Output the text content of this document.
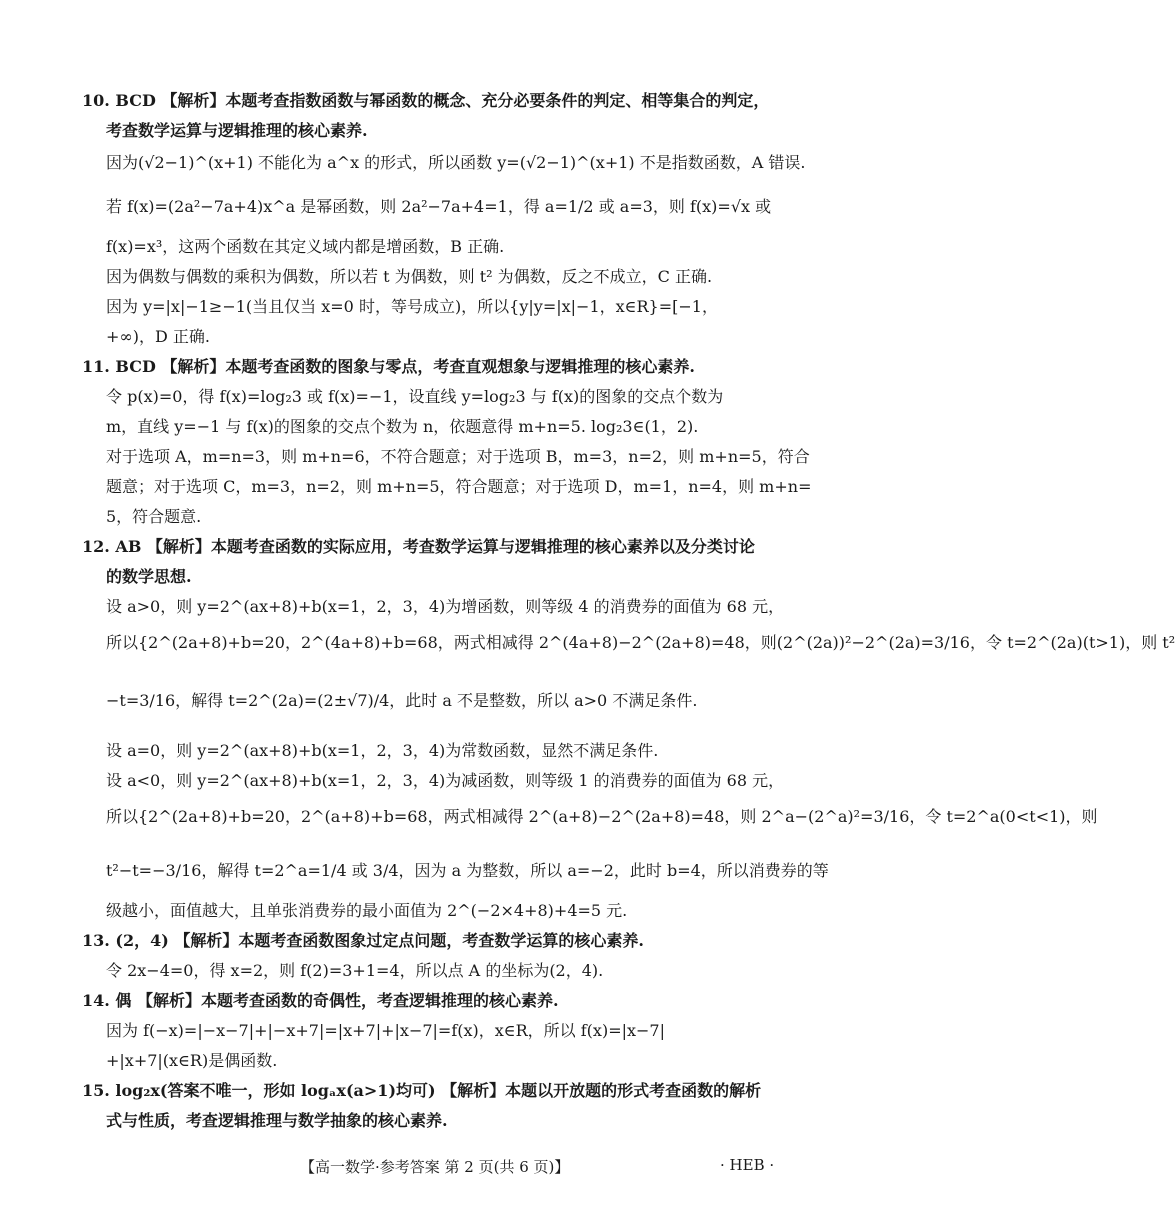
10. BCD 【解析】本题考查指数函数与幂函数的概念、充分必要条件的判定、相等集合的判定，
考查数学运算与逻辑推理的核心素养.
因为(√2−1)^(x+1) 不能化为 a^x 的形式，所以函数 y=(√2−1)^(x+1) 不是指数函数，A 错误.
若 f(x)=(2a²−7a+4)x^a 是幂函数，则 2a²−7a+4=1，得 a=1/2 或 a=3，则 f(x)=√x 或
f(x)=x³，这两个函数在其定义域内都是增函数，B 正确.
因为偶数与偶数的乘积为偶数，所以若 t 为偶数，则 t² 为偶数，反之不成立，C 正确.
因为 y=|x|−1≥−1(当且仅当 x=0 时，等号成立)，所以{y|y=|x|−1，x∈R}=[−1，
+∞)，D 正确.
11. BCD 【解析】本题考查函数的图象与零点，考查直观想象与逻辑推理的核心素养.
令 p(x)=0，得 f(x)=log₂3 或 f(x)=−1，设直线 y=log₂3 与 f(x)的图象的交点个数为
m，直线 y=−1 与 f(x)的图象的交点个数为 n，依题意得 m+n=5. log₂3∈(1，2).
对于选项 A，m=n=3，则 m+n=6，不符合题意；对于选项 B，m=3，n=2，则 m+n=5，符合
题意；对于选项 C，m=3，n=2，则 m+n=5，符合题意；对于选项 D，m=1，n=4，则 m+n=
5，符合题意.
12. AB 【解析】本题考查函数的实际应用，考查数学运算与逻辑推理的核心素养以及分类讨论
的数学思想.
设 a>0，则 y=2^(ax+8)+b(x=1，2，3，4)为增函数，则等级 4 的消费券的面值为 68 元，
所以{2^(2a+8)+b=20，2^(4a+8)+b=68，两式相减得 2^(4a+8)−2^(2a+8)=48，则(2^(2a))²−2^(2a)=3/16，令 t=2^(2a)(t>1)，则 t²
−t=3/16，解得 t=2^(2a)=(2±√7)/4，此时 a 不是整数，所以 a>0 不满足条件.
设 a=0，则 y=2^(ax+8)+b(x=1，2，3，4)为常数函数，显然不满足条件.
设 a<0，则 y=2^(ax+8)+b(x=1，2，3，4)为减函数，则等级 1 的消费券的面值为 68 元，
所以{2^(2a+8)+b=20，2^(a+8)+b=68，两式相减得 2^(a+8)−2^(2a+8)=48，则 2^a−(2^a)²=3/16，令 t=2^a(0<t<1)，则
t²−t=−3/16，解得 t=2^a=1/4 或 3/4，因为 a 为整数，所以 a=−2，此时 b=4，所以消费券的等
级越小，面值越大，且单张消费券的最小面值为 2^(−2×4+8)+4=5 元.
13. (2，4) 【解析】本题考查函数图象过定点问题，考查数学运算的核心素养.
令 2x−4=0，得 x=2，则 f(2)=3+1=4，所以点 A 的坐标为(2，4).
14. 偶 【解析】本题考查函数的奇偶性，考查逻辑推理的核心素养.
因为 f(−x)=|−x−7|+|−x+7|=|x+7|+|x−7|=f(x)，x∈R，所以 f(x)=|x−7|
+|x+7|(x∈R)是偶函数.
15. log₂x(答案不唯一，形如 logₐx(a>1)均可) 【解析】本题以开放题的形式考查函数的解析
式与性质，考查逻辑推理与数学抽象的核心素养.
【高一数学·参考答案 第 2 页(共 6 页)】	· HEB ·
